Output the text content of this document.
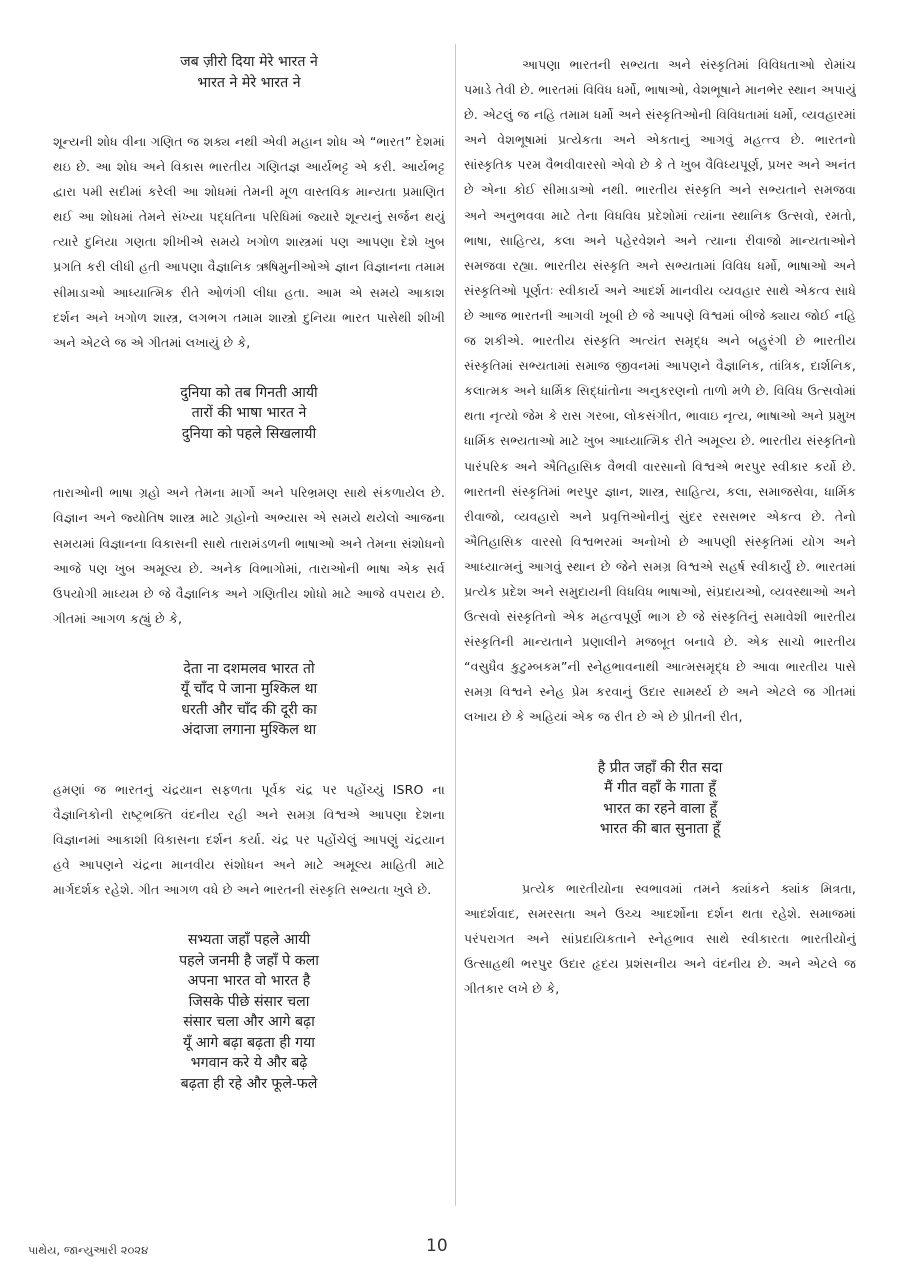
जब ज़ीरो दिया मेरे भारत ने
भारत ने मेरे भारत ने

શૂન્યની શોધ વીના ગણિત જ શક્ય નથી એવી મહાન શોધ એ “ભારત” દેશમાં થઇ છે. આ શોધ અને વિકાસ ભારતીય ગણિતજ્ઞ આર્યભટ્ટ એ કરી. આર્યભટ્ટ દ્વારા પમી સદીમાં કરેલી આ શોધમાં તેમની મૂળ વાસ્તવિક માન્યતા પ્રમાણિત થઈ આ શોધમાં તેમને સંખ્યા પદ્ધતિના પરિધિમાં જ્યારે શૂન્યનું સર્જન થયું ત્યારે દુનિયા ગણતા શીખીએ સમયે ખગોળ શાસ્ત્રમાં પણ આપણા દેશે ખુબ પ્રગતિ કરી લીધી હતી આપણા વૈજ્ઞાનિક ઋષિમુનીઓએ જ્ઞાન વિજ્ઞાનના તમામ સીમાડાઓ આધ્યાત્મિક રીતે ઓળંગી લીધા હતા. આમ એ સમયે આકાશ દર્શન અને ખગોળ શાસ્ત્ર, લગભગ તમામ શાસ્ત્રો દુનિયા ભારત પાસેથી શીખી અને એટલે જ એ ગીતમાં લખાયું છે કે,

दुनिया को तब गिनती आयी
तारों की भाषा भारत ने
दुनिया को पहले सिखलायी

તારાઓની ભાષા ગ્રહો અને તેમના માર્ગો અને પરિભ્રમણ સાથે સંકળાયેલ છે. વિજ્ઞાન અને જ્યોતિષ શાસ્ત્ર માટે ગ્રહોનો અભ્યાસ એ સમયે થયેલો આજના સમયમાં વિજ્ઞાનના વિકાસની સાથે તારામંડળની ભાષાઓ અને તેમના સંશોધનો આજે પણ ખુબ અમૂલ્ય છે. અનેક વિભાગોમાં, તારાઓની ભાષા એક સર્વ ઉપયોગી માધ્યમ છે જે વૈજ્ઞાનિક અને ગણિતીય શોધો માટે આજે વપરાય છે. ગીતમાં આગળ કહ્યું છે કે,

देता ना दशमलव भारत तो
यूँ चाँद पे जाना मुश्किल था
धरती और चाँद की दूरी का
अंदाजा लगाना मुश्किल था

હમણાં જ ભારતનું ચંદ્રયાન સફળતા પૂર્વક ચંદ્ર પર પહોંચ્યું ISRO ના વૈજ્ઞાનિકોની રાષ્ટ્રભક્તિ વંદનીય રહી અને સમગ્ર વિશ્વએ આપણા દેશના વિજ્ઞાનમાં આકાશી વિકાસના દર્શન કર્યા. ચંદ્ર પર પહોંચેલું આપણું ચંદ્રયાન હવે આપણને ચંદ્રના માનવીય સંશોધન અને માટે અમૂલ્ય માહિતી માટે માર્ગદર્શક રહેશે. ગીત આગળ વધે છે અને ભારતની સંસ્કૃતિ સભ્યતા ખુલે છે.

सभ्यता जहाँ पहले आयी
पहले जनमी है जहाँ पे कला
अपना भारत वो भारत है
जिसके पीछे संसार चला
संसार चला और आगे बढ़ा
यूँ आगे बढ़ा बढ़ता ही गया
भगवान करे ये और बढ़े
बढ़ता ही रहे और फूले-फले

આપણા ભારતની સભ્યતા અને સંસ્કૃતિમાં વિવિધતાઓ રોમાંચ પમાડે તેવી છે. ભારતમાં વિવિધ ધર્મો, ભાષાઓ, વેશભૂષાને માનભેર સ્થાન અપાયું છે. એટલું જ નહિ તમામ ધર્મો અને સંસ્કૃતિઓની વિવિધતામાં ધર્મો, વ્યવહારમાં અને વેશભૂષામાં પ્રત્યેકતા અને એકતાનું આગવું મહત્ત્વ છે. ભારતનો સાંસ્કૃતિક પરમ વૈભવીવારસો એવો છે કે તે ખુબ વૈવિધ્યપૂર્ણ, પ્રખર અને અનંત છે એના કોઈ સીમાડાઓ નથી. ભારતીય સંસ્કૃતિ અને સભ્યતાને સમજવા અને અનુભવવા માટે તેના વિધવિધ પ્રદેશોમાં ત્યાંના સ્થાનિક ઉત્સવો, રમતો, ભાષા, સાહિત્ય, કલા અને પહેરવેશને અને ત્યાના રીવાજો માન્યતાઓને સમજવા રહ્યા. ભારતીય સંસ્કૃતિ અને સભ્યતામાં વિવિધ ધર્મો, ભાષાઓ અને સંસ્કૃતિઓ પૂર્ણતઃ સ્વીકાર્ય અને આદર્શ માનવીય વ્યવહાર સાથે એકત્વ સાધે છે આજ ભારતની આગવી ખૂબી છે જે આપણે વિશ્વમાં બીજે ક્યાય જોઈ નહિ જ શકીએ. ભારતીય સંસ્કૃતિ અત્યંત સમૃદ્ધ અને બહુરંગી છે ભારતીય સંસ્કૃતિમાં સભ્યતામાં સમાજ જીવનમાં આપણને વૈજ્ઞાનિક, તાંત્રિક, દાર્શનિક, કલાત્મક અને ધાર્મિક સિદ્ધાંતોના અનુકરણનો તાળો મળે છે. વિવિધ ઉત્સવોમાં થતા નૃત્યો જેમ કે રાસ ગરબા, લોકસંગીત, ભાવાઇ નૃત્ય, ભાષાઓ અને પ્રમુખ ધાર્મિક સભ્યતાઓ માટે ખુબ આધ્યાત્મિક રીતે અમૂલ્ય છે. ભારતીય સંસ્કૃતિનો પારંપરિક અને ઐતિહાસિક વૈભવી વારસાનો વિશ્વએ ભરપુર સ્વીકાર કર્યો છે. ભારતની સંસ્કૃતિમાં ભરપુર જ્ઞાન, શાસ્ત્ર, સાહિત્ય, કલા, સમાજસેવા, ધાર્મિક રીવાજો, વ્યવહારો અને પ્રવૃત્તિઓનીનું સુંદર રસસભર એકત્વ છે. તેનો ઐતિહાસિક વારસો વિશ્વભરમાં અનોખો છે આપણી સંસ્કૃતિમાં યોગ અને આધ્યાત્મનું આગવું સ્થાન છે જેને સમગ્ર વિશ્વએ સહર્ષ સ્વીકાર્યું છે. ભારતમાં પ્રત્યેક પ્રદેશ અને સમુદાયની વિધવિધ ભાષાઓ, સંપ્રદાયઓ, વ્યવસ્થાઓ અને ઉત્સવો સંસ્કૃતિનો એક મહત્વપૂર્ણ ભાગ છે જે સંસ્કૃતિનું સમાવેશી ભારતીય સંસ્કૃતિની માન્યતાને પ્રણાલીને મજબૂત બનાવે છે. એક સાચો ભારતીય “વસુધૈવ કુટુમ્બકમ”ની સ્નેહભાવનાથી આત્મસમૃદ્ધ છે આવા ભારતીય પાસે સમગ્ર વિશ્વને સ્નેહ પ્રેમ કરવાનું ઉદાર સામર્થ્ય છે અને એટલે જ ગીતમાં લખાય છે કે અહિયાં એક જ રીત છે એ છે પ્રીતની રીત,

है प्रीत जहाँ की रीत सदा
मैं गीत वहाँ के गाता हूँ
भारत का रहने वाला हूँ
भारत की बात सुनाता हूँ

પ્રત્યેક ભારતીયોના સ્વભાવમાં તમને ક્યાંકને ક્યાંક મિત્રતા, આદર્શવાદ, સમરસતા અને ઉચ્ચ આદર્શોના દર્શન થતા રહેશે. સમાજમાં પરંપરાગત અને સાંપ્રદાયિકતાને સ્નેહભાવ સાથે સ્વીકારતા ભારતીયોનું ઉત્સાહથી ભરપુર ઉદાર હૃદય પ્રશંસનીય અને વંદનીય છે. અને એટલે જ ગીતકાર લખે છે કે,

પાથેય, જાન્યુઆરી ૨૦૨૪	10
